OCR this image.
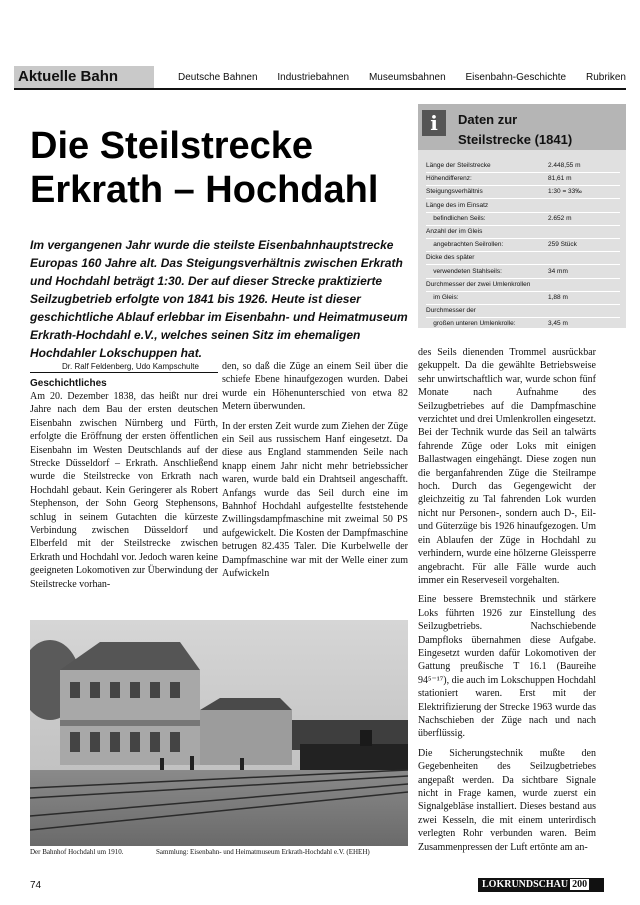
Aktuelle Bahn	Deutsche Bahnen Industriebahnen Museumsbahnen Eisenbahn-Geschichte Rubriken
Die Steilstrecke
Erkrath – Hochdahl
Im vergangenen Jahr wurde die steilste Eisenbahnhauptstrecke Europas 160 Jahre alt. Das Steigungsverhältnis zwischen Erkrath und Hochdahl beträgt 1:30. Der auf dieser Strecke praktizierte Seilzugbetrieb erfolgte von 1841 bis 1926. Heute ist dieser geschichtliche Ablauf erlebbar im Eisenbahn- und Heimatmuseum Erkrath-Hochdahl e.V., welches seinen Sitz im ehemaligen Hochdahler Lokschuppen hat.
i	Daten zur
Steilstrecke (1841)
Länge der Steilstrecke	2.448,55 m
Höhendifferenz:	81,61 m
Steigungsverhältnis	1:30 = 33‰
Länge des im Einsatz
befindlichen Seils:	2.652 m
Anzahl der im Gleis
angebrachten Seilrollen:	259 Stück
Dicke des später
verwendeten Stahlseils:	34 mm
Durchmesser der zwei Umlenkrollen
im Gleis:	1,88 m
Durchmesser der
großen unteren Umlenkrolle:	3,45 m
Dr. Ralf Feldenberg, Udo Kampschulte
Geschichtliches

Am 20. Dezember 1838, das heißt nur drei Jahre nach dem Bau der ersten deutschen Eisenbahn zwischen Nürnberg und Fürth, erfolgte die Eröffnung der ersten öffentlichen Eisenbahn im Westen Deutschlands auf der Strecke Düsseldorf – Erkrath. Anschließend wurde die Steilstrecke von Erkrath nach Hochdahl gebaut. Kein Geringerer als Robert Stephenson, der Sohn Georg Stephensons, schlug in seinem Gutachten die kürzeste Verbindung zwischen Düsseldorf und Elberfeld mit der Steilstrecke zwischen Erkrath und Hochdahl vor. Jedoch waren keine geeigneten Lokomotiven zur Überwindung der Steilstrecke vorhan-

den, so daß die Züge an einem Seil über die schiefe Ebene hinaufgezogen wurden. Dabei wurde ein Höhenunterschied von etwa 82 Metern überwunden.

In der ersten Zeit wurde zum Ziehen der Züge ein Seil aus russischem Hanf eingesetzt. Da diese aus England stammenden Seile nach knapp einem Jahr nicht mehr betriebssicher waren, wurde bald ein Drahtseil angeschafft. Anfangs wurde das Seil durch eine im Bahnhof Hochdahl aufgestellte feststehende Zwillingsdampfmaschine mit zweimal 50 PS aufgewickelt. Die Kosten der Dampfmaschine betrugen 82.435 Taler. Die Kurbelwelle der Dampfmaschine war mit der Welle einer zum Aufwickeln

des Seils dienenden Trommel ausrückbar gekuppelt. Da die gewählte Betriebsweise sehr unwirtschaftlich war, wurde schon fünf Monate nach Aufnahme des Seilzugbetriebes auf die Dampfmaschine verzichtet und drei Umlenkrollen eingesetzt. Bei der Technik wurde das Seil an talwärts fahrende Züge oder Loks mit einigen Ballastwagen eingehängt. Diese zogen nun die berganfahrenden Züge die Steilrampe hoch. Durch das Gegengewicht der gleichzeitig zu Tal fahrenden Lok wurden nicht nur Personen-, sondern auch D-, Eil- und Güterzüge bis 1926 hinaufgezogen. Um ein Ablaufen der Züge in Hochdahl zu verhindern, wurde eine hölzerne Gleissperre angebracht. Für alle Fälle wurde auch immer ein Reserveseil vorgehalten.

Eine bessere Bremstechnik und stärkere Loks führten 1926 zur Einstellung des Seilzugbetriebs. Nachschiebende Dampfloks übernahmen diese Aufgabe. Eingesetzt wurden dafür Lokomotiven der Gattung preußische T 16.1 (Baureihe 94⁵⁻¹⁷), die auch im Lokschuppen Hochdahl stationiert waren. Erst mit der Elektrifizierung der Strecke 1963 wurde das Nachschieben der Züge nach und nach überflüssig.

Die Sicherungstechnik mußte den Gegebenheiten des Seilzugbetriebes angepaßt werden. Da sichtbare Signale nicht in Frage kamen, wurde zuerst ein Signalgebläse installiert. Dieses bestand aus zwei Kesseln, die mit einem unterirdisch verlegten Rohr verbunden waren. Beim Zusammenpressen der Luft ertönte am an-

Der Bahnhof Hochdahl um 1910.	Sammlung: Eisenbahn- und Heimatmuseum Erkrath-Hochdahl e.V. (EHEH)
74	LOKRUNDSCHAU 200
